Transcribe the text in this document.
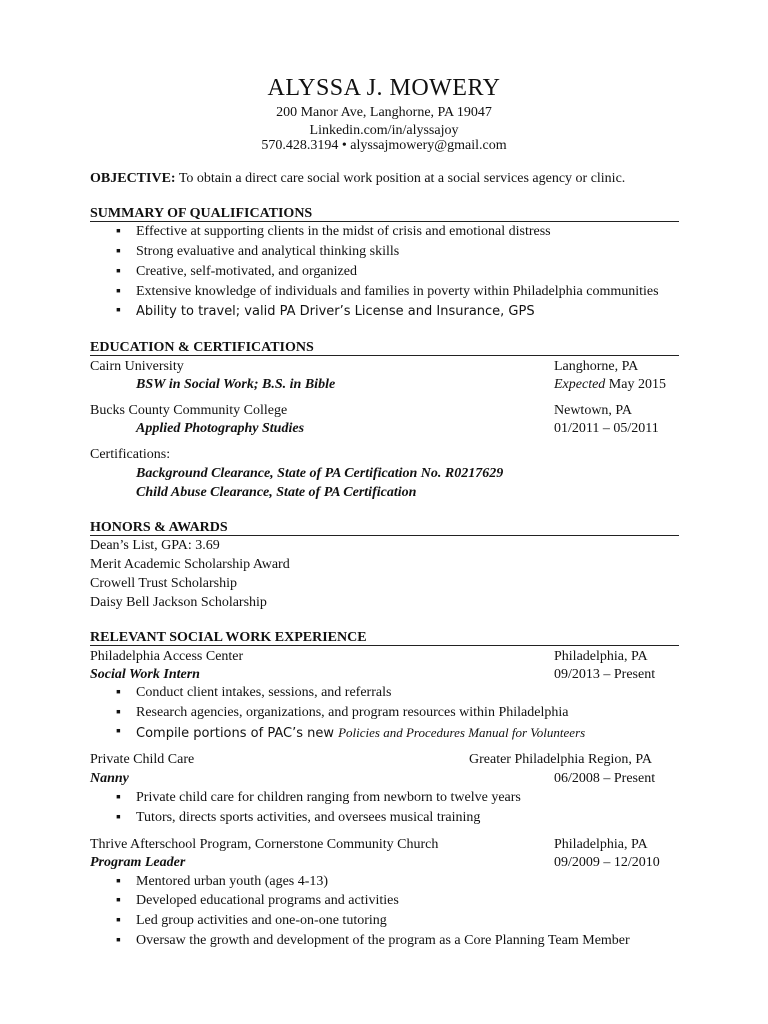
ALYSSA J. MOWERY
200 Manor Ave, Langhorne, PA 19047
Linkedin.com/in/alyssajoy
570.428.3194 • alyssajmowery@gmail.com
OBJECTIVE: To obtain a direct care social work position at a social services agency or clinic.
SUMMARY OF QUALIFICATIONS
▪ Effective at supporting clients in the midst of crisis and emotional distress
▪ Strong evaluative and analytical thinking skills
▪ Creative, self-motivated, and organized
▪ Extensive knowledge of individuals and families in poverty within Philadelphia communities
▪ Ability to travel; valid PA Driver’s License and Insurance, GPS
EDUCATION & CERTIFICATIONS
Cairn University	Langhorne, PA
BSW in Social Work; B.S. in Bible	Expected May 2015
Bucks County Community College	Newtown, PA
Applied Photography Studies	01/2011 – 05/2011
Certifications:
Background Clearance, State of PA Certification No. R0217629
Child Abuse Clearance, State of PA Certification
HONORS & AWARDS
Dean’s List, GPA: 3.69
Merit Academic Scholarship Award
Crowell Trust Scholarship
Daisy Bell Jackson Scholarship
RELEVANT SOCIAL WORK EXPERIENCE
Philadelphia Access Center	Philadelphia, PA
Social Work Intern	09/2013 – Present
▪ Conduct client intakes, sessions, and referrals
▪ Research agencies, organizations, and program resources within Philadelphia
▪ Compile portions of PAC’s new Policies and Procedures Manual for Volunteers
Private Child Care	Greater Philadelphia Region, PA
Nanny	06/2008 – Present
▪ Private child care for children ranging from newborn to twelve years
▪ Tutors, directs sports activities, and oversees musical training
Thrive Afterschool Program, Cornerstone Community Church	Philadelphia, PA
Program Leader	09/2009 – 12/2010
▪ Mentored urban youth (ages 4-13)
▪ Developed educational programs and activities
▪ Led group activities and one-on-one tutoring
▪ Oversaw the growth and development of the program as a Core Planning Team Member
